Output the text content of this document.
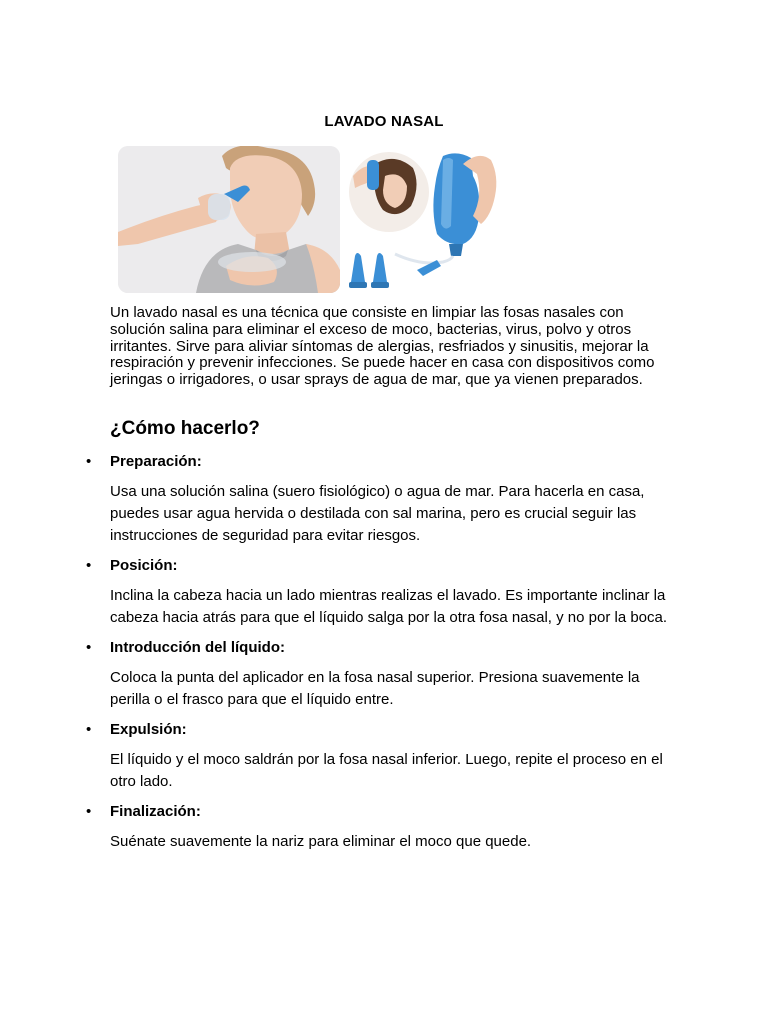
LAVADO NASAL

Un lavado nasal es una técnica que consiste en limpiar las fosas nasales con solución salina para eliminar el exceso de moco, bacterias, virus, polvo y otros irritantes. Sirve para aliviar síntomas de alergias, resfriados y sinusitis, mejorar la respiración y prevenir infecciones. Se puede hacer en casa con dispositivos como jeringas o irrigadores, o usar sprays de agua de mar, que ya vienen preparados.

¿Cómo hacerlo?
• Preparación:
Usa una solución salina (suero fisiológico) o agua de mar. Para hacerla en casa, puedes usar agua hervida o destilada con sal marina, pero es crucial seguir las instrucciones de seguridad para evitar riesgos.
• Posición:
Inclina la cabeza hacia un lado mientras realizas el lavado. Es importante inclinar la cabeza hacia atrás para que el líquido salga por la otra fosa nasal, y no por la boca.
• Introducción del líquido:
Coloca la punta del aplicador en la fosa nasal superior. Presiona suavemente la perilla o el frasco para que el líquido entre.
• Expulsión:
El líquido y el moco saldrán por la fosa nasal inferior. Luego, repite el proceso en el otro lado.
• Finalización:
Suénate suavemente la nariz para eliminar el moco que quede.
